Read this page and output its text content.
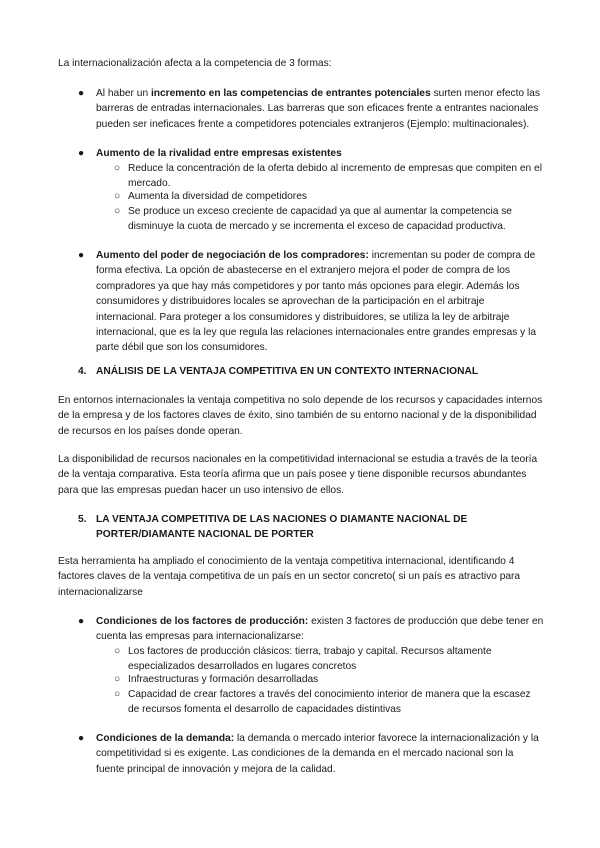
La internacionalización afecta a la competencia de 3 formas:

●	Al haber un incremento en las competencias de entrantes potenciales surten menor efecto las barreras de entradas internacionales. Las barreras que son eficaces frente a entrantes nacionales pueden ser ineficaces frente a competidores potenciales extranjeros (Ejemplo: multinacionales).
●	Aumento de la rivalidad entre empresas existentes
○ Reduce la concentración de la oferta debido al incremento de empresas que compiten en el mercado.
○ Aumenta la diversidad de competidores
○ Se produce un exceso creciente de capacidad ya que al aumentar la competencia se disminuye la cuota de mercado y se incrementa el exceso de capacidad productiva.
●	Aumento del poder de negociación de los compradores: incrementan su poder de compra de forma efectiva. La opción de abastecerse en el extranjero mejora el poder de compra de los compradores ya que hay más competidores y por tanto más opciones para elegir. Además los consumidores y distribuidores locales se aprovechan de la participación en el arbitraje internacional. Para proteger a los consumidores y distribuidores, se utiliza la ley de arbitraje internacional, que es la ley que regula las relaciones internacionales entre grandes empresas y la parte débil que son los consumidores.
4. ANÁLISIS DE LA VENTAJA COMPETITIVA EN UN CONTEXTO INTERNACIONAL

En entornos internacionales la ventaja competitiva no solo depende de los recursos y capacidades internos de la empresa y de los factores claves de éxito, sino también de su entorno nacional y de la disponibilidad de recursos en los países donde operan.

La disponibilidad de recursos nacionales en la competitividad internacional se estudia a través de la teoría de la ventaja comparativa. Esta teoría afirma que un país posee y tiene disponible recursos abundantes para que las empresas puedan hacer un uso intensivo de ellos.

5. LA VENTAJA COMPETITIVA DE LAS NACIONES O DIAMANTE NACIONAL DE PORTER/DIAMANTE NACIONAL DE PORTER

Esta herramienta ha ampliado el conocimiento de la ventaja competitiva internacional, identificando 4 factores claves de la ventaja competitiva de un país en un sector concreto( si un país es atractivo para internacionalizarse

●	Condiciones de los factores de producción: existen 3 factores de producción que debe tener en cuenta las empresas para internacionalizarse:
○ Los factores de producción clásicos: tierra, trabajo y capital. Recursos altamente especializados desarrollados en lugares concretos
○ Infraestructuras y formación desarrolladas
○ Capacidad de crear factores a través del conocimiento interior de manera que la escasez de recursos fomenta el desarrollo de capacidades distintivas
●	Condiciones de la demanda: la demanda o mercado interior favorece la internacionalización y la competitividad si es exigente. Las condiciones de la demanda en el mercado nacional son la fuente principal de innovación y mejora de la calidad.
